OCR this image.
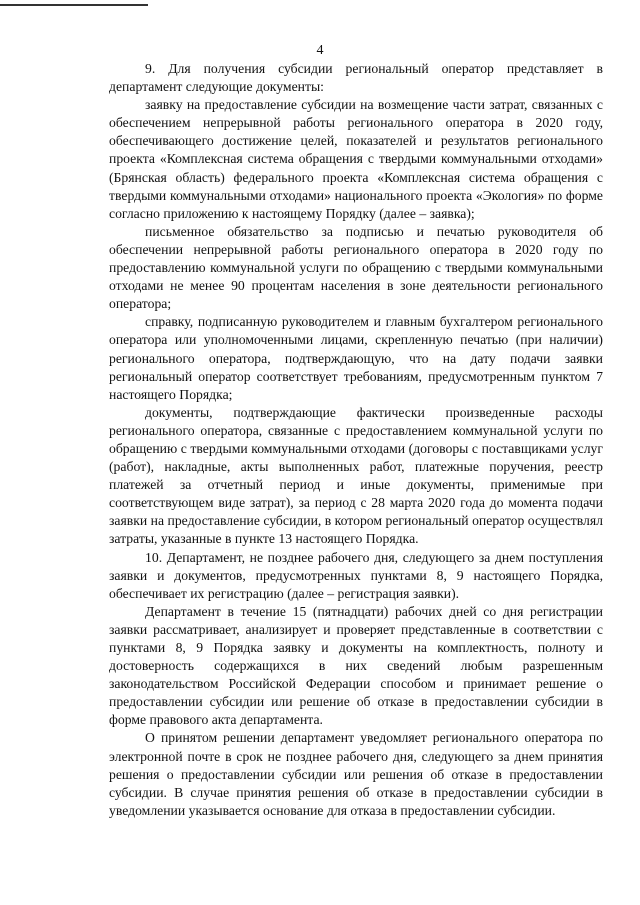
4

9. Для получения субсидии региональный оператор представляет в департамент следующие документы:

заявку на предоставление субсидии на возмещение части затрат, связанных с обеспечением непрерывной работы регионального оператора в 2020 году, обеспечивающего достижение целей, показателей и результатов регионального проекта «Комплексная система обращения с твердыми коммунальными отходами» (Брянская область) федерального проекта «Комплексная система обращения с твердыми коммунальными отходами» национального проекта «Экология» по форме согласно приложению к настоящему Порядку (далее – заявка);

письменное обязательство за подписью и печатью руководителя об обеспечении непрерывной работы регионального оператора в 2020 году по предоставлению коммунальной услуги по обращению с твердыми коммунальными отходами не менее 90 процентам населения в зоне деятельности регионального оператора;

справку, подписанную руководителем и главным бухгалтером регионального оператора или уполномоченными лицами, скрепленную печатью (при наличии) регионального оператора, подтверждающую, что на дату подачи заявки региональный оператор соответствует требованиям, предусмотренным пунктом 7 настоящего Порядка;

документы, подтверждающие фактически произведенные расходы регионального оператора, связанные с предоставлением коммунальной услуги по обращению с твердыми коммунальными отходами (договоры с поставщиками услуг (работ), накладные, акты выполненных работ, платежные поручения, реестр платежей за отчетный период и иные документы, применимые при соответствующем виде затрат), за период с 28 марта 2020 года до момента подачи заявки на предоставление субсидии, в котором региональный оператор осуществлял затраты, указанные в пункте 13 настоящего Порядка.

10. Департамент, не позднее рабочего дня, следующего за днем поступления заявки и документов, предусмотренных пунктами 8, 9 настоящего Порядка, обеспечивает их регистрацию (далее – регистрация заявки).

Департамент в течение 15 (пятнадцати) рабочих дней со дня регистрации заявки рассматривает, анализирует и проверяет представленные в соответствии с пунктами 8, 9 Порядка заявку и документы на комплектность, полноту и достоверность содержащихся в них сведений любым разрешенным законодательством Российской Федерации способом и принимает решение о предоставлении субсидии или решение об отказе в предоставлении субсидии в форме правового акта департамента.

О принятом решении департамент уведомляет регионального оператора по электронной почте в срок не позднее рабочего дня, следующего за днем принятия решения о предоставлении субсидии или решения об отказе в предоставлении субсидии. В случае принятия решения об отказе в предоставлении субсидии в уведомлении указывается основание для отказа в предоставлении субсидии.
